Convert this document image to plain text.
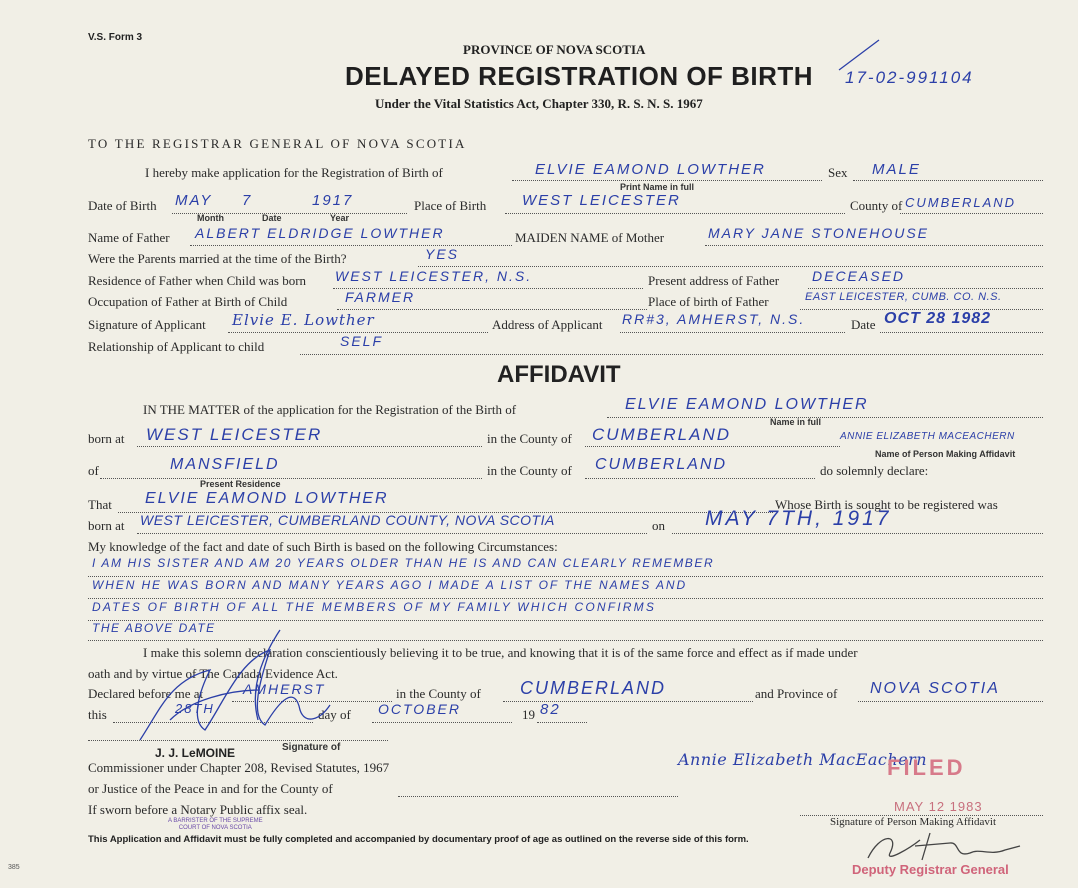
V.S. Form 3
PROVINCE OF NOVA SCOTIA
DELAYED REGISTRATION OF BIRTH
Under the Vital Statistics Act, Chapter 330, R. S. N. S. 1967
17-02-991104
TO THE REGISTRAR GENERAL OF NOVA SCOTIA
I hereby make application for the Registration of Birth of	ELVIE EAMOND LOWTHER
Print Name in full
Sex MALE
Date of Birth MAY 7	1917
Month	Date	Year
Place of Birth WEST LEICESTER	County of CUMBERLAND
Name of Father ALBERT ELDRIDGE LOWTHER	MAIDEN NAME of Mother	MARY JANE STONEHOUSE
Were the Parents married at the time of the Birth?	YES
Residence of Father when Child was born WEST LEICESTER, N.S.	Present address of Father DECEASED
Occupation of Father at Birth of Child	FARMER	Place of birth of Father	EAST LEICESTER, CUMB. CO. N.S.
Signature of Applicant Elvie E. Lowther	Address of Applicant RR#3, AMHERST, N.S.	Date OCT 28 1982
Relationship of Applicant to child	SELF
AFFIDAVIT
IN THE MATTER of the application for the Registration of the Birth of	ELVIE EAMOND LOWTHER
Name in full
born at WEST LEICESTER	in the County of CUMBERLAND	ANNIE ELIZABETH MACEACHERN
Name of Person Making Affidavit
of	MANSFIELD
Present Residence
in the County of CUMBERLAND	do solemnly declare:
That ELVIE EAMOND LOWTHER	Whose Birth is sought to be registered was
born at WEST LEICESTER, CUMBERLAND COUNTY, NOVA SCOTIA	on MAY 7TH, 1917
My knowledge of the fact and date of such Birth is based on the following Circumstances:
I AM HIS SISTER AND AM 20 YEARS OLDER THAN HE IS AND CAN CLEARLY REMEMBER
WHEN HE WAS BORN AND MANY YEARS AGO I MADE A LIST OF THE NAMES AND
DATES OF BIRTH OF ALL THE MEMBERS OF MY FAMILY WHICH CONFIRMS
THE ABOVE DATE
I make this solemn declaration conscientiously believing it to be true, and knowing that it is of the same force and effect as if made under
oath and by virtue of The Canada Evidence Act.
Declared before me at	AMHERST	in the County of CUMBERLAND	and Province of NOVA SCOTIA
this	28TH	day of OCTOBER	19 82
Signature of
J. J. LeMOINE
Commissioner under Chapter 208, Revised Statutes, 1967
or Justice of the Peace in and for the County of
If sworn before a Notary Public affix seal.
A BARRISTER OF THE SUPREME
COURT OF NOVA SCOTIA
Annie Elizabeth MacEachern
Signature of Person Making Affidavit
FILED
MAY 12 1983
Deputy Registrar General
This Application and Affidavit must be fully completed and accompanied by documentary proof of age as outlined on the reverse side of this form.
385
